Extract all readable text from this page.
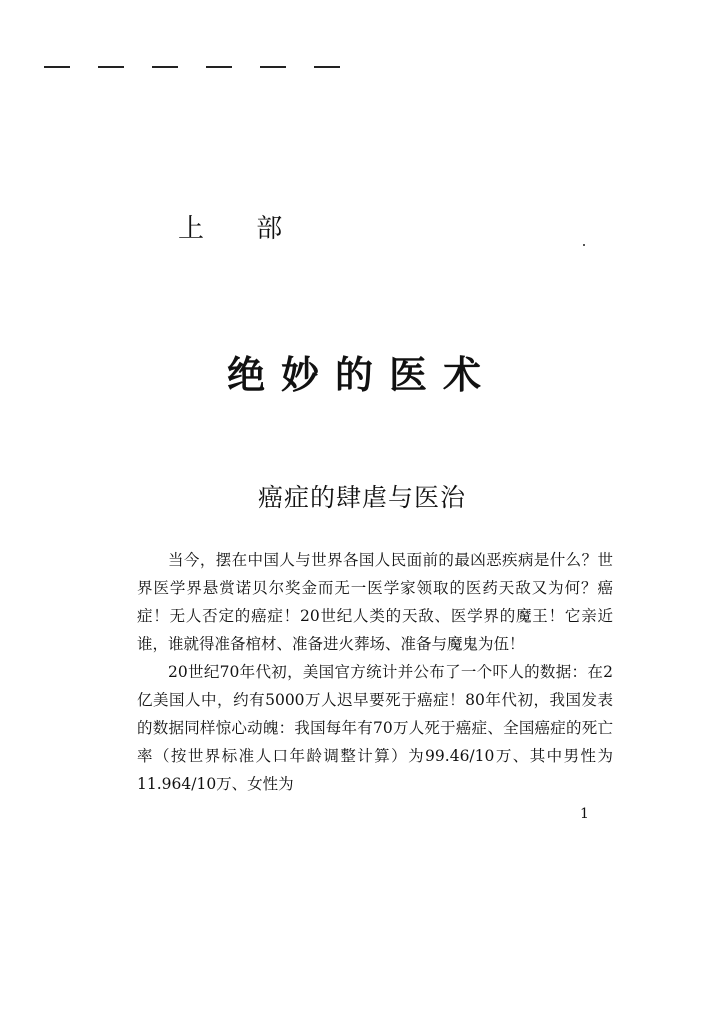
上 部
绝妙的医术
癌症的肆虐与医治

当今，摆在中国人与世界各国人民面前的最凶恶疾病是什么？世界医学界悬赏诺贝尔奖金而无一医学家领取的医药天敌又为何？癌症！无人否定的癌症！20世纪人类的天敌、医学界的魔王！它亲近谁，谁就得准备棺材、准备进火葬场、准备与魔鬼为伍！

20世纪70年代初，美国官方统计并公布了一个吓人的数据：在2亿美国人中，约有5000万人迟早要死于癌症！80年代初，我国发表的数据同样惊心动魄：我国每年有70万人死于癌症、全国癌症的死亡率（按世界标准人口年龄调整计算）为99.46/10万、其中男性为11.964/10万、女性为

1
